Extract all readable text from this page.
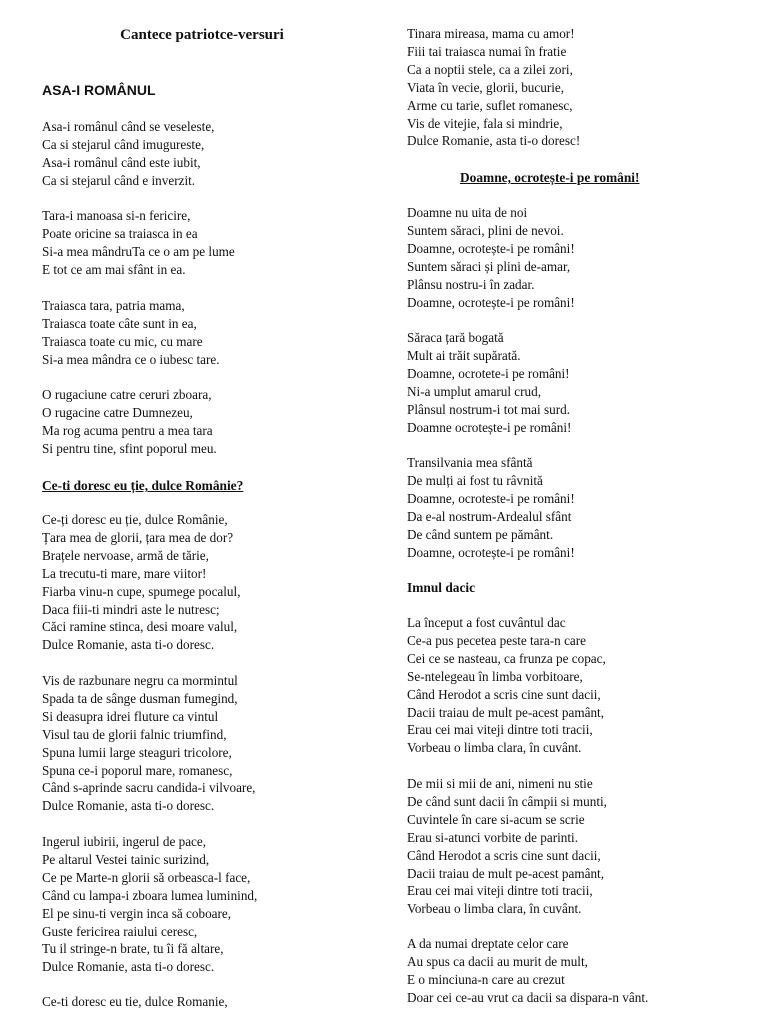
Cantece patriotce-versuri
ASA-I ROMÂNUL
Asa-i românul când se veseleste,
Ca si stejarul când imugureste,
Asa-i românul când este iubit,
Ca si stejarul când e inverzit.
Tara-i manoasa si-n fericire,
Poate oricine sa traiasca in ea
Si-a mea mândruTa ce o am pe lume
E tot ce am mai sfânt in ea.
Traiasca tara, patria mama,
Traiasca toate câte sunt in ea,
Traiasca toate cu mic, cu mare
Si-a mea mândra ce o iubesc tare.
O rugaciune catre ceruri zboara,
O rugacine catre Dumnezeu,
Ma rog acuma pentru a mea tara
Si pentru tine, sfint poporul meu.
Ce-ti doresc eu ție, dulce Românie?
Ce-ți doresc eu ție, dulce Românie,
Țara mea de glorii, țara mea de dor?
Brațele nervoase, armă de tărie,
La trecutu-ti mare, mare viitor!
Fiarba vinu-n cupe, spumege pocalul,
Daca fiii-ti mindri aste le nutresc;
Căci ramine stinca, desi moare valul,
Dulce Romanie, asta ti-o doresc.
Vis de razbunare negru ca mormintul
Spada ta de sânge dusman fumegind,
Si deasupra idrei fluture ca vintul
Visul tau de glorii falnic triumfind,
Spuna lumii large steaguri tricolore,
Spuna ce-i poporul mare, romanesc,
Când s-aprinde sacru candida-i vilvoare,
Dulce Romanie, asta ti-o doresc.
Ingerul iubirii, ingerul de pace,
Pe altarul Vestei tainic surizind,
Ce pe Marte-n glorii să orbeasca-l face,
Când cu lampa-i zboara lumea luminind,
El pe sinu-ti vergin inca să coboare,
Guste fericirea raiului ceresc,
Tu il stringe-n brate, tu îi fă altare,
Dulce Romanie, asta ti-o doresc.
Ce-ti doresc eu tie, dulce Romanie,
Tinara mireasa, mama cu amor!
Fiii tai traiasca numai în fratie
Ca a noptii stele, ca a zilei zori,
Viata în vecie, glorii, bucurie,
Arme cu tarie, suflet romanesc,
Vis de vitejie, fala si mindrie,
Dulce Romanie, asta ti-o doresc!
Doamne, ocrotește-i pe români!
Doamne nu uita de noi
Suntem săraci, plini de nevoi.
Doamne, ocrotește-i pe români!
Suntem săraci și plini de-amar,
Plânsu nostru-i în zadar.
Doamne, ocrotește-i pe români!
Săraca țară bogată
Mult ai trăit supărată.
Doamne, ocrotete-i pe români!
Ni-a umplut amarul crud,
Plânsul nostrum-i tot mai surd.
Doamne ocrotește-i pe români!
Transilvania mea sfântă
De mulți ai fost tu râvnită
Doamne, ocroteste-i pe români!
Da e-al nostrum-Ardealul sfânt
De când suntem pe pământ.
Doamne, ocrotește-i pe români!
Imnul dacic
La început a fost cuvântul dac
Ce-a pus pecetea peste tara-n care
Cei ce se nasteau, ca frunza pe copac,
Se-ntelegeau în limba vorbitoare,
Când Herodot a scris cine sunt dacii,
Dacii traiau de mult pe-acest pamânt,
Erau cei mai viteji dintre toti tracii,
Vorbeau o limba clara, în cuvânt.
De mii si mii de ani, nimeni nu stie
De când sunt dacii în câmpii si munti,
Cuvintele în care si-acum se scrie
Erau si-atunci vorbite de parinti.
Când Herodot a scris cine sunt dacii,
Dacii traiau de mult pe-acest pamânt,
Erau cei mai viteji dintre toti tracii,
Vorbeau o limba clara, în cuvânt.
A da numai dreptate celor care
Au spus ca dacii au murit de mult,
E o minciuna-n care au crezut
Doar cei ce-au vrut ca dacii sa dispara-n vânt.
